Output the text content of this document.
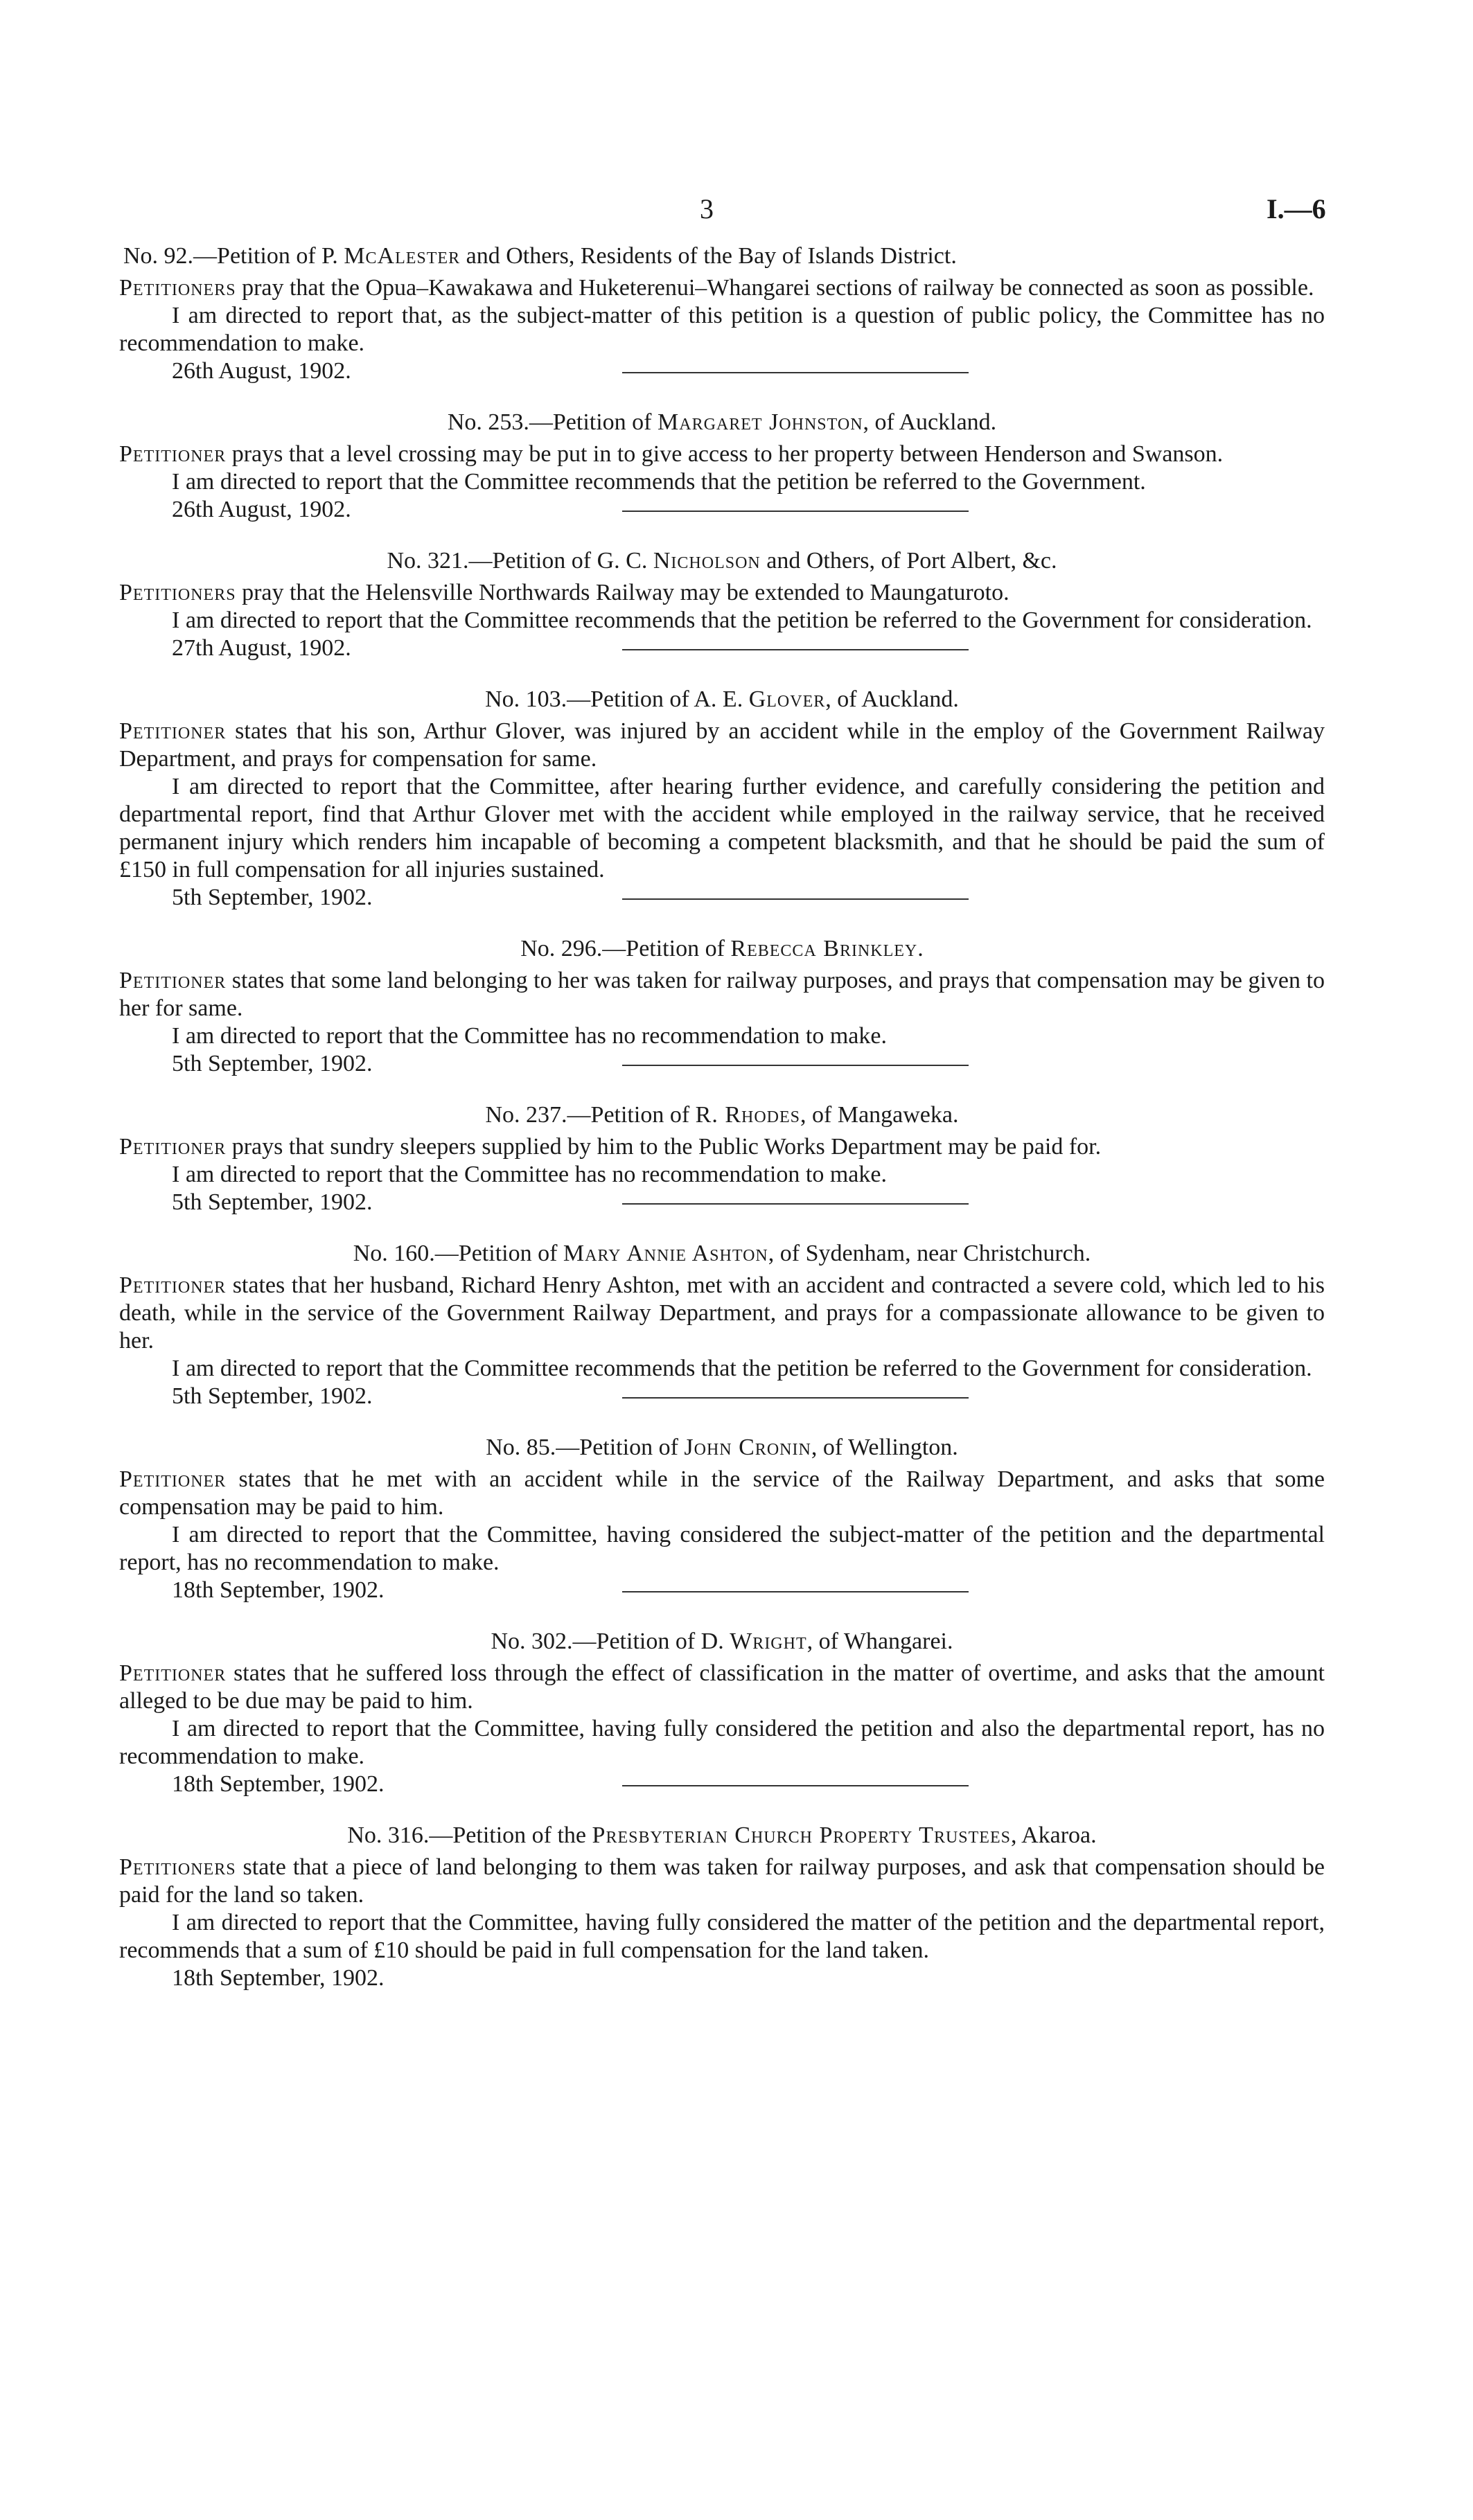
3	I.—6

No. 92.—Petition of P. McAlester and Others, Residents of the Bay of Islands District.

Petitioners pray that the Opua–Kawakawa and Huketerenui–Whangarei sections of railway be connected as soon as possible.

I am directed to report that, as the subject-matter of this petition is a question of public policy, the Committee has no recommendation to make.

26th August, 1902.

No. 253.—Petition of Margaret Johnston, of Auckland.

Petitioner prays that a level crossing may be put in to give access to her property between Henderson and Swanson.

I am directed to report that the Committee recommends that the petition be referred to the Government.

26th August, 1902.

No. 321.—Petition of G. C. Nicholson and Others, of Port Albert, &c.

Petitioners pray that the Helensville Northwards Railway may be extended to Maungaturoto.

I am directed to report that the Committee recommends that the petition be referred to the Government for consideration.

27th August, 1902.

No. 103.—Petition of A. E. Glover, of Auckland.

Petitioner states that his son, Arthur Glover, was injured by an accident while in the employ of the Government Railway Department, and prays for compensation for same.

I am directed to report that the Committee, after hearing further evidence, and carefully considering the petition and departmental report, find that Arthur Glover met with the accident while employed in the railway service, that he received permanent injury which renders him incapable of becoming a competent blacksmith, and that he should be paid the sum of £150 in full compensation for all injuries sustained.

5th September, 1902.

No. 296.—Petition of Rebecca Brinkley.

Petitioner states that some land belonging to her was taken for railway purposes, and prays that compensation may be given to her for same.

I am directed to report that the Committee has no recommendation to make.

5th September, 1902.

No. 237.—Petition of R. Rhodes, of Mangaweka.

Petitioner prays that sundry sleepers supplied by him to the Public Works Department may be paid for.

I am directed to report that the Committee has no recommendation to make.

5th September, 1902.

No. 160.—Petition of Mary Annie Ashton, of Sydenham, near Christchurch.

Petitioner states that her husband, Richard Henry Ashton, met with an accident and contracted a severe cold, which led to his death, while in the service of the Government Railway Department, and prays for a compassionate allowance to be given to her.

I am directed to report that the Committee recommends that the petition be referred to the Government for consideration.

5th September, 1902.

No. 85.—Petition of John Cronin, of Wellington.

Petitioner states that he met with an accident while in the service of the Railway Department, and asks that some compensation may be paid to him.

I am directed to report that the Committee, having considered the subject-matter of the petition and the departmental report, has no recommendation to make.

18th September, 1902.

No. 302.—Petition of D. Wright, of Whangarei.

Petitioner states that he suffered loss through the effect of classification in the matter of overtime, and asks that the amount alleged to be due may be paid to him.

I am directed to report that the Committee, having fully considered the petition and also the departmental report, has no recommendation to make.

18th September, 1902.

No. 316.—Petition of the Presbyterian Church Property Trustees, Akaroa.

Petitioners state that a piece of land belonging to them was taken for railway purposes, and ask that compensation should be paid for the land so taken.

I am directed to report that the Committee, having fully considered the matter of the petition and the departmental report, recommends that a sum of £10 should be paid in full compensation for the land taken.

18th September, 1902.
